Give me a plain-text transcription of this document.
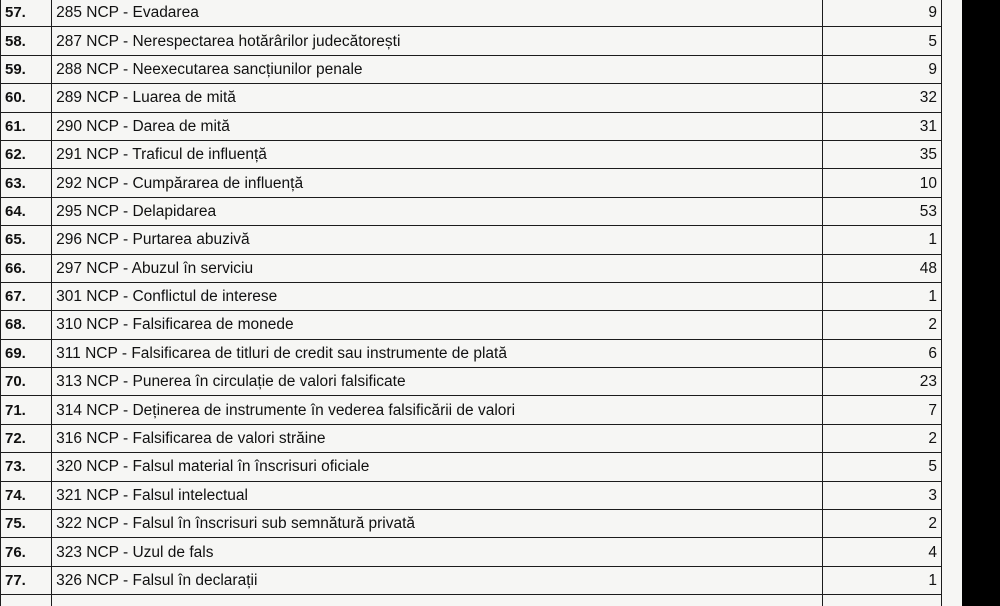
57.	285 NCP - Evadarea	9
58.	287 NCP - Nerespectarea hotărârilor judecătorești	5
59.	288 NCP - Neexecutarea sancțiunilor penale	9
60.	289 NCP - Luarea de mită	32
61.	290 NCP - Darea de mită	31
62.	291 NCP - Traficul de influență	35
63.	292 NCP - Cumpărarea de influență	10
64.	295 NCP - Delapidarea	53
65.	296 NCP - Purtarea abuzivă	1
66.	297 NCP - Abuzul în serviciu	48
67.	301 NCP - Conflictul de interese	1
68.	310 NCP - Falsificarea de monede	2
69.	311 NCP - Falsificarea de titluri de credit sau instrumente de plată	6
70.	313 NCP - Punerea în circulație de valori falsificate	23
71.	314 NCP - Deținerea de instrumente în vederea falsificării de valori	7
72.	316 NCP - Falsificarea de valori străine	2
73.	320 NCP - Falsul material în înscrisuri oficiale	5
74.	321 NCP - Falsul intelectual	3
75.	322 NCP - Falsul în înscrisuri sub semnătură privată	2
76.	323 NCP - Uzul de fals	4
77.	326 NCP - Falsul în declarații	1
